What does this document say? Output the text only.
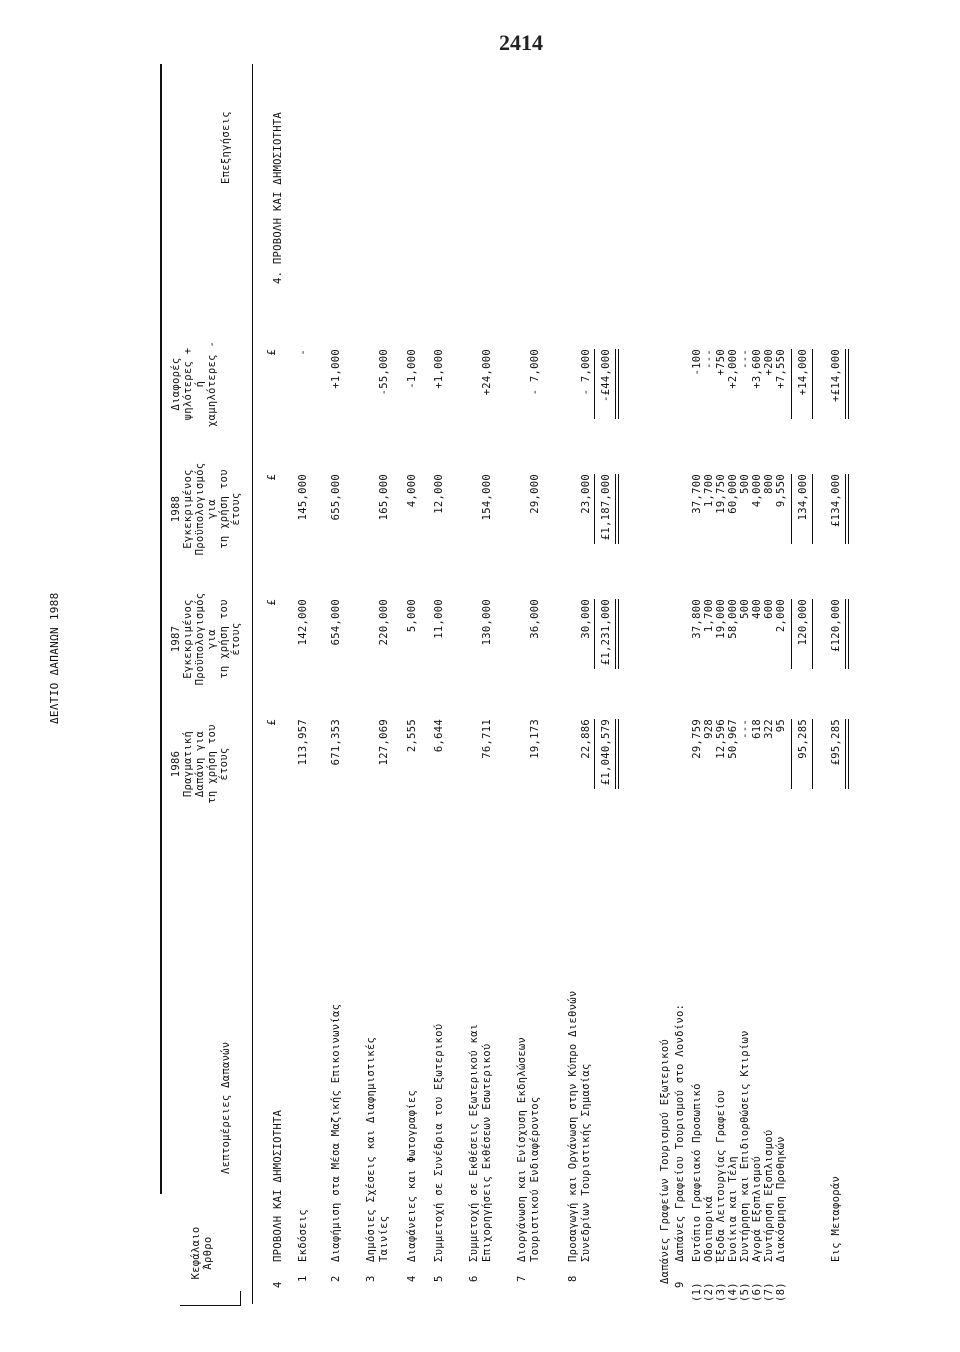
2414
ΔΕΛΤΙΟ ΔΑΠΑΝΩΝ 1988
Κεφάλαιο Άρθρο
Λεπτομέρειες Δαπανών
1986 Πραγματική Δαπάνη για τη χρήση του έτους
1987 Εγκεκριμένος Προϋπολογισμός για τη χρήση του έτους
1988 Εγκεκριμένος Προϋπολογισμός για τη χρήση του έτους
Διαφορές ψηλότερες + ή χαμηλότερες -
Επεξηγήσεις
£
£
£
£
4
ΠΡΟΒΟΛΗ ΚΑΙ ΔΗΜΟΣΙΟΤΗΤΑ
4. ΠΡΟΒΟΛΗ ΚΑΙ ΔΗΜΟΣΙΟΤΗΤΑ
1
Εκδόσεις
113,957
142,000
145,000
-
2
Διαφήμιση στα Μέσα Μαζικής Επικοινωνίας
671,353
654,000
655,000
+1,000
3
Δημόσιες Σχέσεις και Διαφημιστικές Ταινίες
127,069
220,000
165,000
-55,000
4
Διαφάνειες και Φωτογραφίες
2,555
5,000
4,000
-1,000
5
Συμμετοχή σε Συνέδρια του Εξωτερικού
6,644
11,000
12,000
+1,000
6
Συμμετοχή σε Εκθέσεις Εξωτερικού και Επιχορηγήσεις Εκθέσεων Εσωτερικού
76,711
130,000
154,000
+24,000
7
Διοργάνωση και Ενίσχυση Εκδηλώσεων Τουριστικού Ενδιαφέροντος
19,173
36,000
29,000
- 7,000
8
Προσαγωγή και Οργάνωση στην Κύπρο Διεθνών Συνεδρίων Τουριστικής Σημασίας
22,886
30,000
23,000
- 7,000
£1,040,579
£1,231,000
£1,187,000
-£44,000
Δαπάνες Γραφείων Τουρισμού Εξωτερικού
9
Δαπάνες Γραφείου Τουρισμού στο Λονδίνο:
(1)
Εντόπιο Γραφειακό Προσωπικό
29,759
37,800
37,700
-100
(2)
Οδοιπορικά
928
1,700
1,700
---
(3)
Έξοδα Λειτουργίας Γραφείου
12,596
19,000
19,750
+750
(4)
Ενοίκια και Τέλη
50,967
58,000
60,000
+2,000
(5)
Συντήρηση και Επιδιορθώσεις Κτιρίων
---
500
500
---
(6)
Αγορά Εξοπλισμού
618
400
4,000
+3,600
(7)
Συντήρηση Εξοπλισμού
322
600
800
+200
(8)
Διακόσμηση Προθηκών
95
2,000
9,550
+7,550
95,285
120,000
134,000
+14,000
Εις Μεταφοράν
£95,285
£120,000
£134,000
+£14,000
